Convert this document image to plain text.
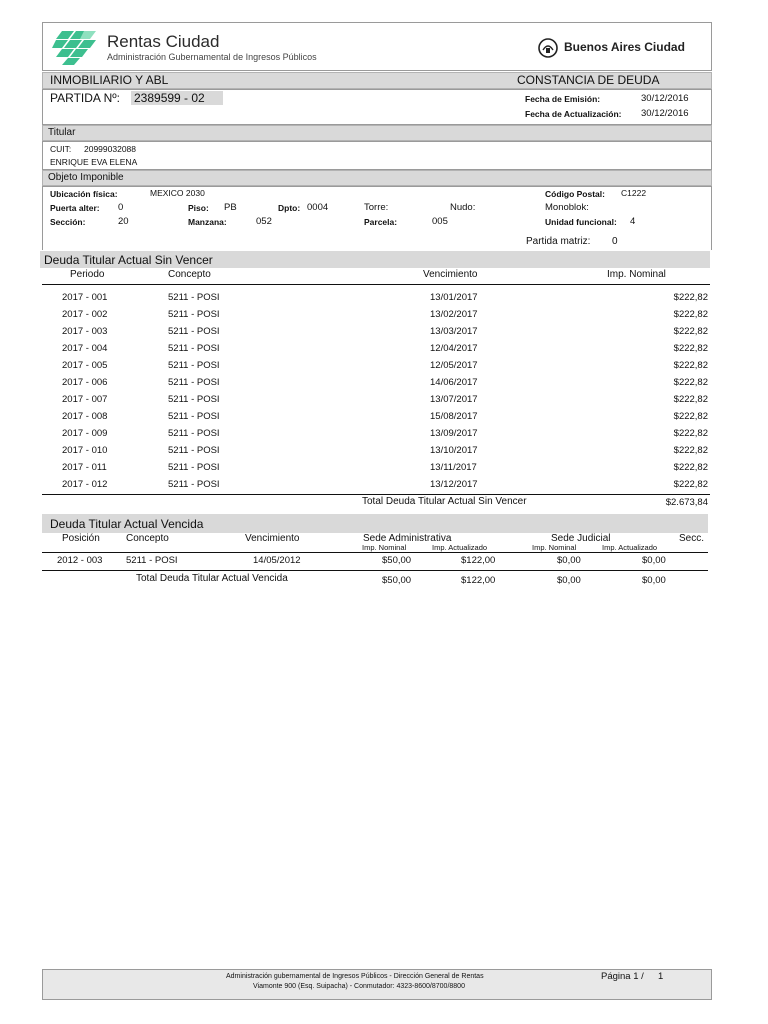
Rentas Ciudad
Administración Gubernamental de Ingresos Públicos
Buenos Aires Ciudad
INMOBILIARIO Y ABL	CONSTANCIA DE DEUDA
PARTIDA Nº: 2389599 - 02	Fecha de Emisión:	30/12/2016
Fecha de Actualización: 30/12/2016
Titular
CUIT: 20999032088
ENRIQUE EVA ELENA
Objeto Imponible
Ubicación física:	MEXICO 2030	Código Postal: C1222
Puerta alter: 0	Piso: PB	Dpto: 0004	Torre:	Nudo:	Monoblok:
Sección:	20	Manzana:	052	Parcela:	005	Unidad funcional: 4
Partida matriz: 0
Deuda Titular Actual Sin Vencer
Periodo	Concepto	Vencimiento	Imp. Nominal
2017 - 001	5211 - POSI	13/01/2017	$222,82
2017 - 002	5211 - POSI	13/02/2017	$222,82
2017 - 003	5211 - POSI	13/03/2017	$222,82
2017 - 004	5211 - POSI	12/04/2017	$222,82
2017 - 005	5211 - POSI	12/05/2017	$222,82
2017 - 006	5211 - POSI	14/06/2017	$222,82
2017 - 007	5211 - POSI	13/07/2017	$222,82
2017 - 008	5211 - POSI	15/08/2017	$222,82
2017 - 009	5211 - POSI	13/09/2017	$222,82
2017 - 010	5211 - POSI	13/10/2017	$222,82
2017 - 011	5211 - POSI	13/11/2017	$222,82
2017 - 012	5211 - POSI	13/12/2017	$222,82
Total Deuda Titular Actual Sin Vencer	$2.673,84
Deuda Titular Actual Vencida
Posición	Concepto	Vencimiento	Sede Administrativa	Sede Judicial	Secc.
Imp. Nominal	Imp. Actualizado	Imp. Nominal	Imp. Actualizado
2012 - 003 5211 - POSI	14/05/2012	$50,00	$122,00	$0,00	$0,00
Total Deuda Titular Actual Vencida	$50,00	$122,00	$0,00	$0,00
Administración gubernamental de Ingresos Públicos - Dirección General de Rentas
Viamonte 900 (Esq. Suipacha) - Conmutador: 4323-8600/8700/8800
Página 1 / 1
